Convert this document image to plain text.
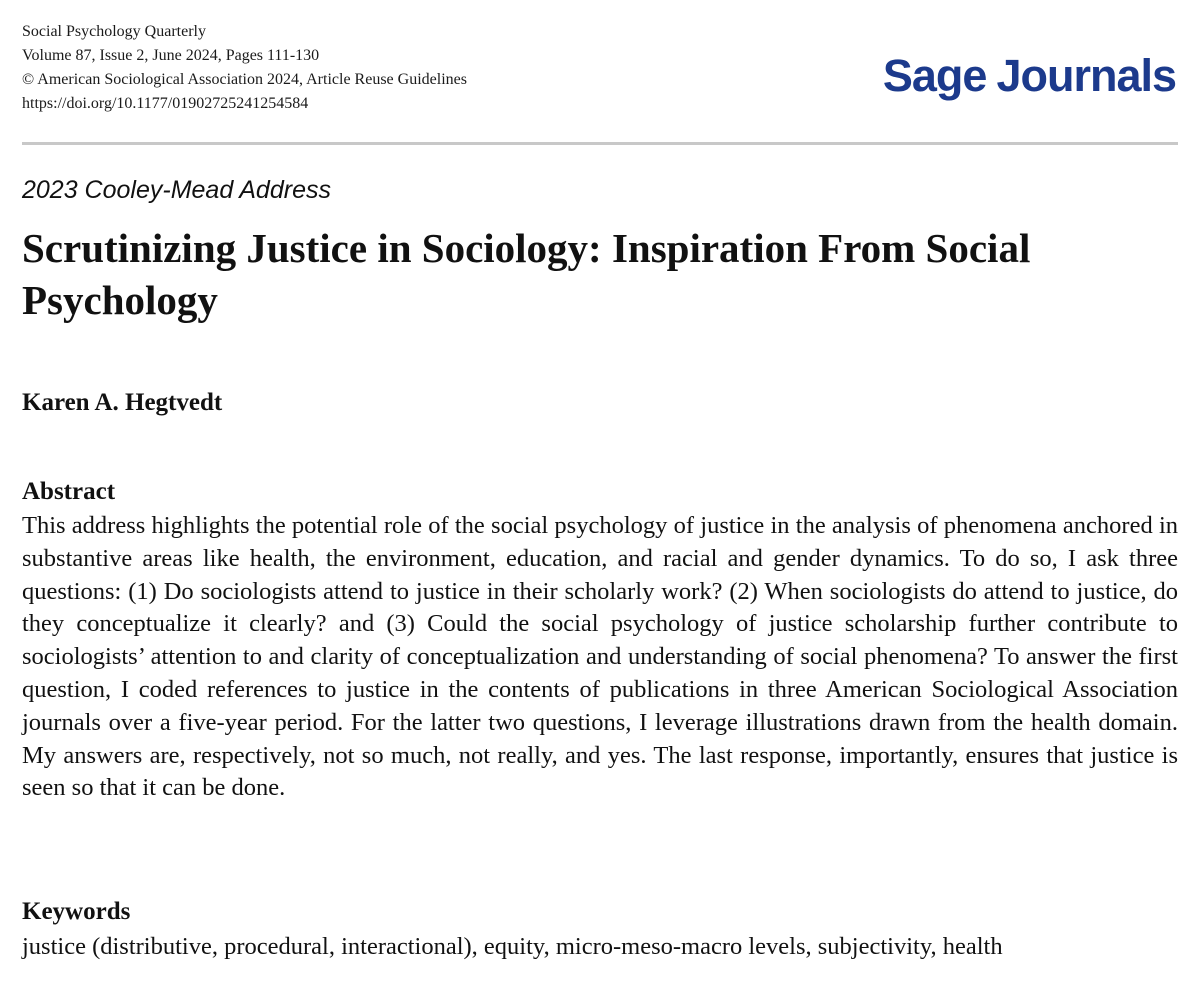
Social Psychology Quarterly
Volume 87, Issue 2, June 2024, Pages 111-130
© American Sociological Association 2024, Article Reuse Guidelines
https://doi.org/10.1177/01902725241254584
Sage Journals
2023 Cooley-Mead Address
Scrutinizing Justice in Sociology: Inspiration From Social Psychology
Karen A. Hegtvedt
Abstract

This address highlights the potential role of the social psychology of justice in the analysis of phenomena anchored in substantive areas like health, the environment, education, and racial and gender dynamics. To do so, I ask three questions: (1) Do sociologists attend to justice in their scholarly work? (2) When sociologists do attend to justice, do they conceptualize it clearly? and (3) Could the social psychology of justice scholarship further contribute to sociologists’ attention to and clarity of conceptualization and understanding of social phenomena? To answer the first question, I coded references to justice in the contents of publications in three American Sociological Association journals over a five-year period. For the latter two questions, I leverage illustrations drawn from the health domain. My answers are, respectively, not so much, not really, and yes. The last response, importantly, ensures that justice is seen so that it can be done.

Keywords
justice (distributive, procedural, interactional), equity, micro-meso-macro levels, subjectivity, health
